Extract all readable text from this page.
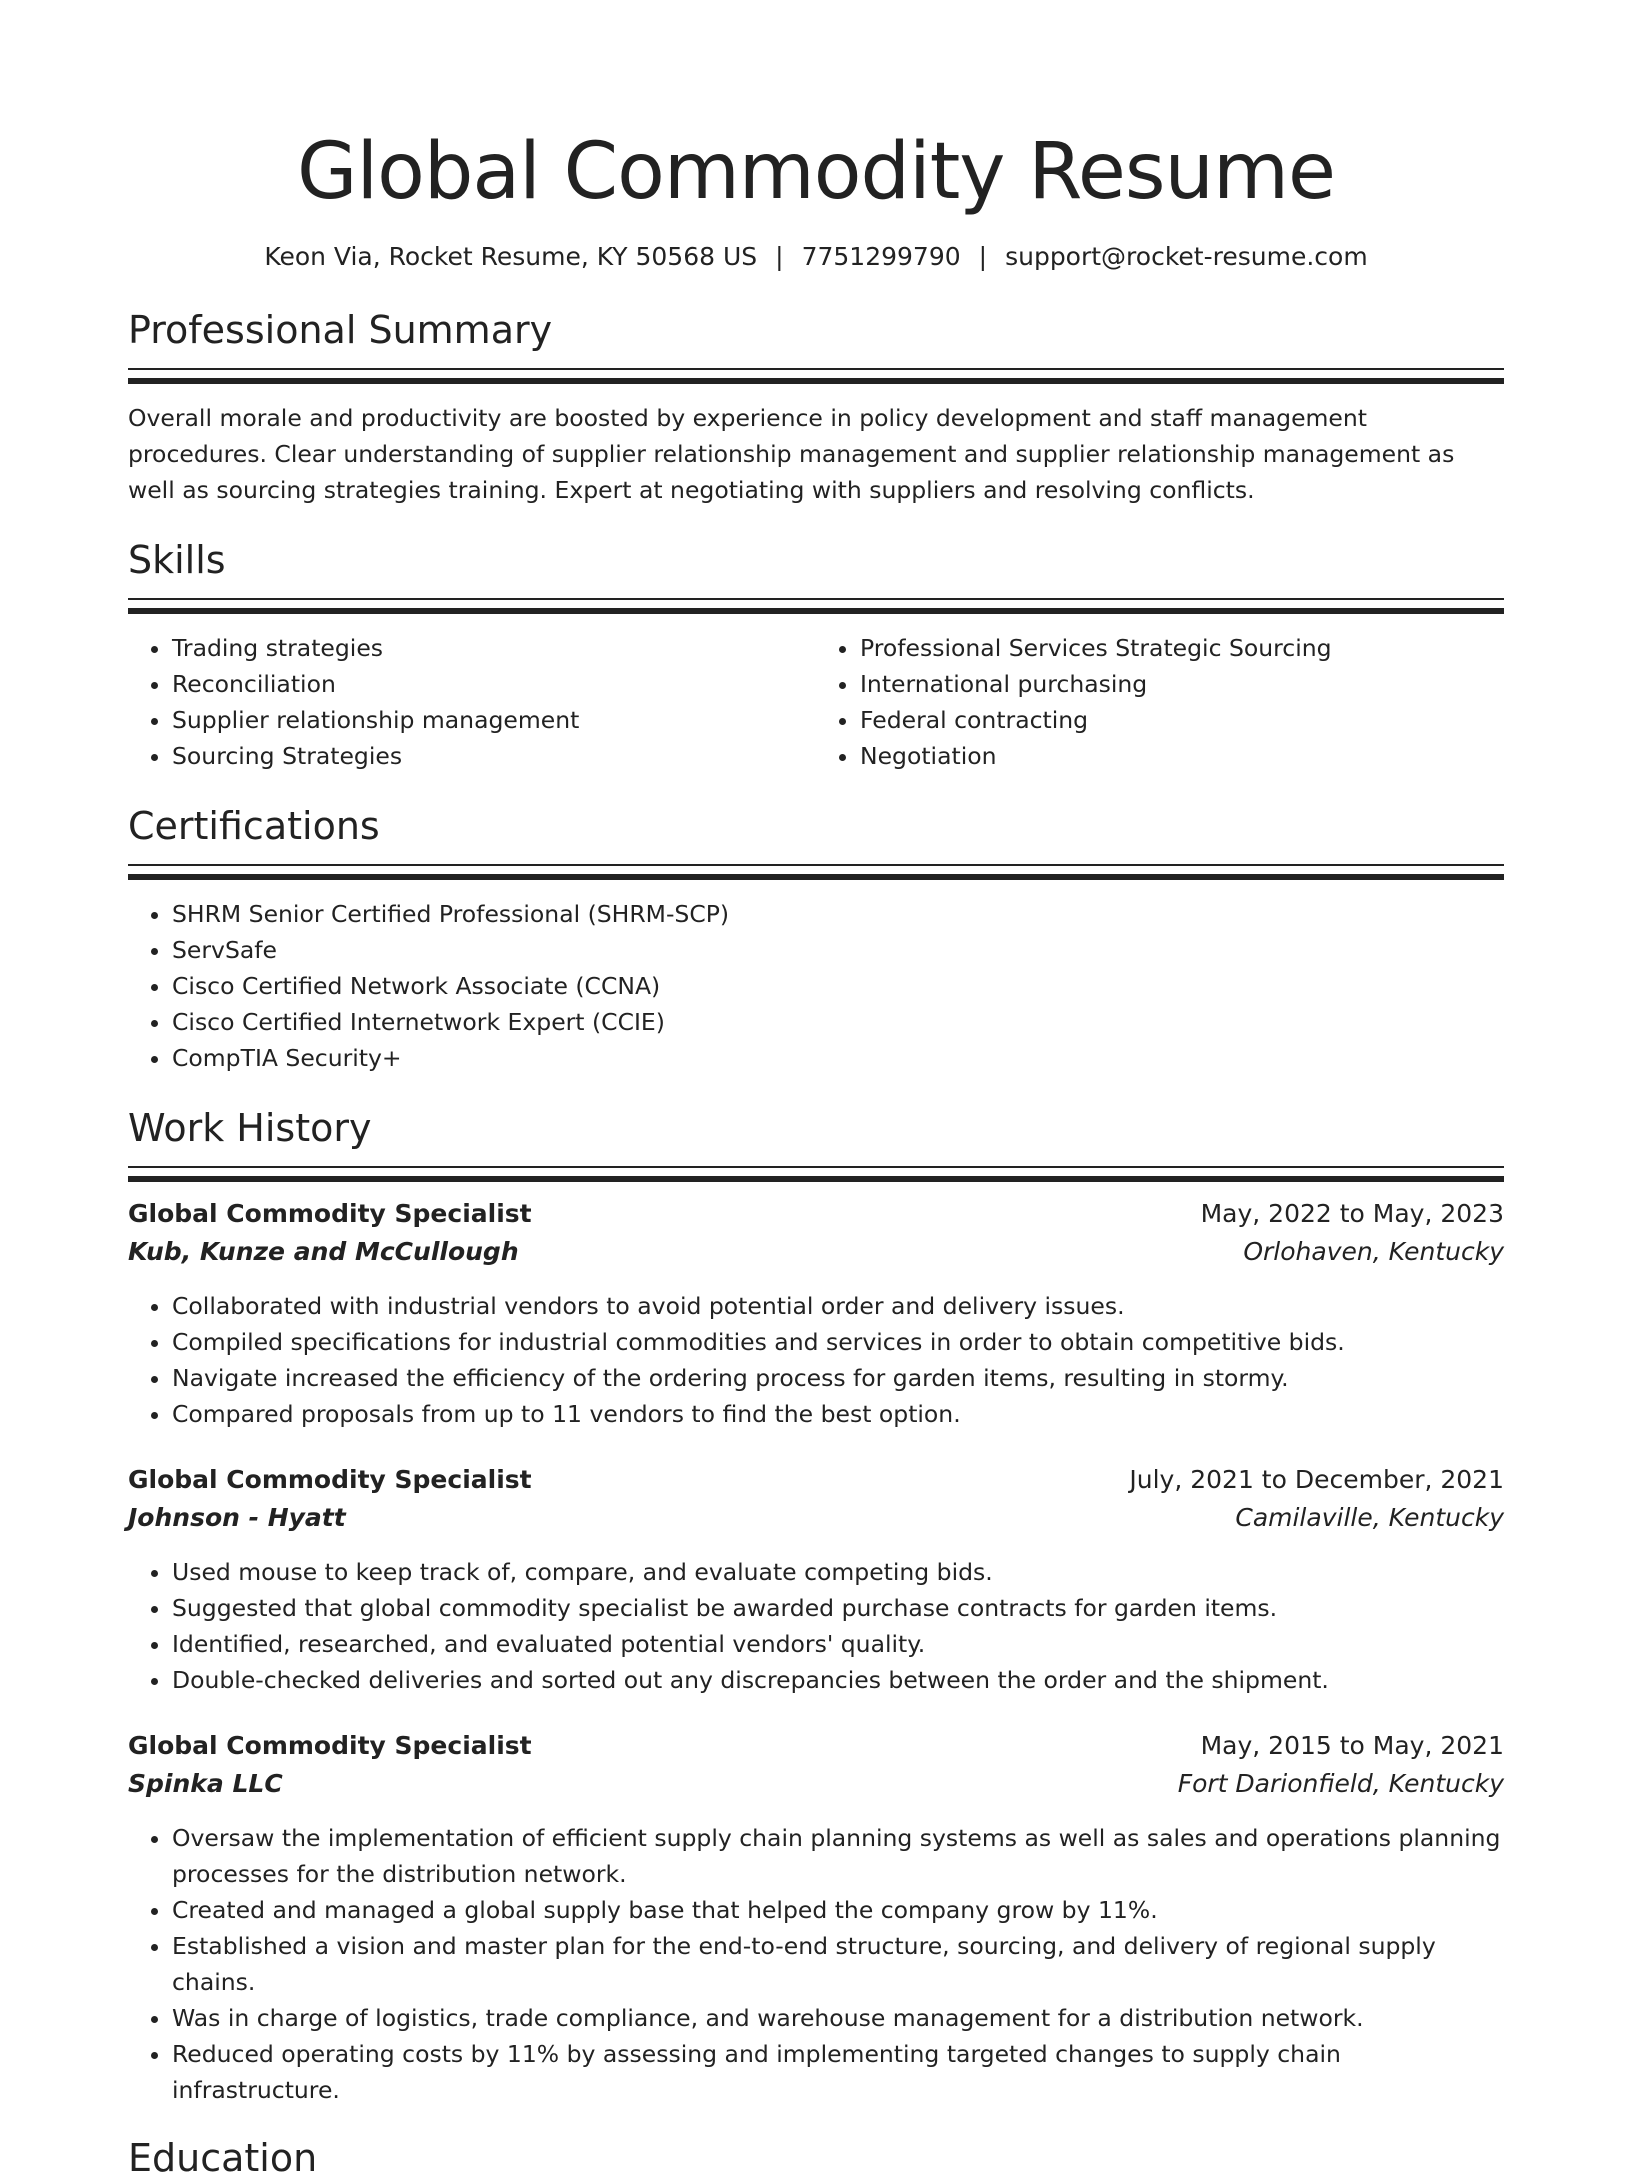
Global Commodity Resume
Keon Via, Rocket Resume, KY 50568 US | 7751299790 | support@rocket-resume.com
Professional Summary
Overall morale and productivity are boosted by experience in policy development and staff management procedures. Clear understanding of supplier relationship management and supplier relationship management as well as sourcing strategies training. Expert at negotiating with suppliers and resolving conflicts.
Skills
• Trading strategies
• Reconciliation
• Supplier relationship management
• Sourcing Strategies
• Professional Services Strategic Sourcing
• International purchasing
• Federal contracting
• Negotiation
Certifications
• SHRM Senior Certified Professional (SHRM-SCP)
• ServSafe
• Cisco Certified Network Associate (CCNA)
• Cisco Certified Internetwork Expert (CCIE)
• CompTIA Security+
Work History
Global Commodity Specialist	May, 2022 to May, 2023
Kub, Kunze and McCullough	Orlohaven, Kentucky
• Collaborated with industrial vendors to avoid potential order and delivery issues.
• Compiled specifications for industrial commodities and services in order to obtain competitive bids.
• Navigate increased the efficiency of the ordering process for garden items, resulting in stormy.
• Compared proposals from up to 11 vendors to find the best option.
Global Commodity Specialist	July, 2021 to December, 2021
Johnson - Hyatt	Camilaville, Kentucky
• Used mouse to keep track of, compare, and evaluate competing bids.
• Suggested that global commodity specialist be awarded purchase contracts for garden items.
• Identified, researched, and evaluated potential vendors' quality.
• Double-checked deliveries and sorted out any discrepancies between the order and the shipment.
Global Commodity Specialist	May, 2015 to May, 2021
Spinka LLC	Fort Darionfield, Kentucky
• Oversaw the implementation of efficient supply chain planning systems as well as sales and operations planning processes for the distribution network.
• Created and managed a global supply base that helped the company grow by 11%.
• Established a vision and master plan for the end-to-end structure, sourcing, and delivery of regional supply chains.
• Was in charge of logistics, trade compliance, and warehouse management for a distribution network.
• Reduced operating costs by 11% by assessing and implementing targeted changes to supply chain infrastructure.
Education
